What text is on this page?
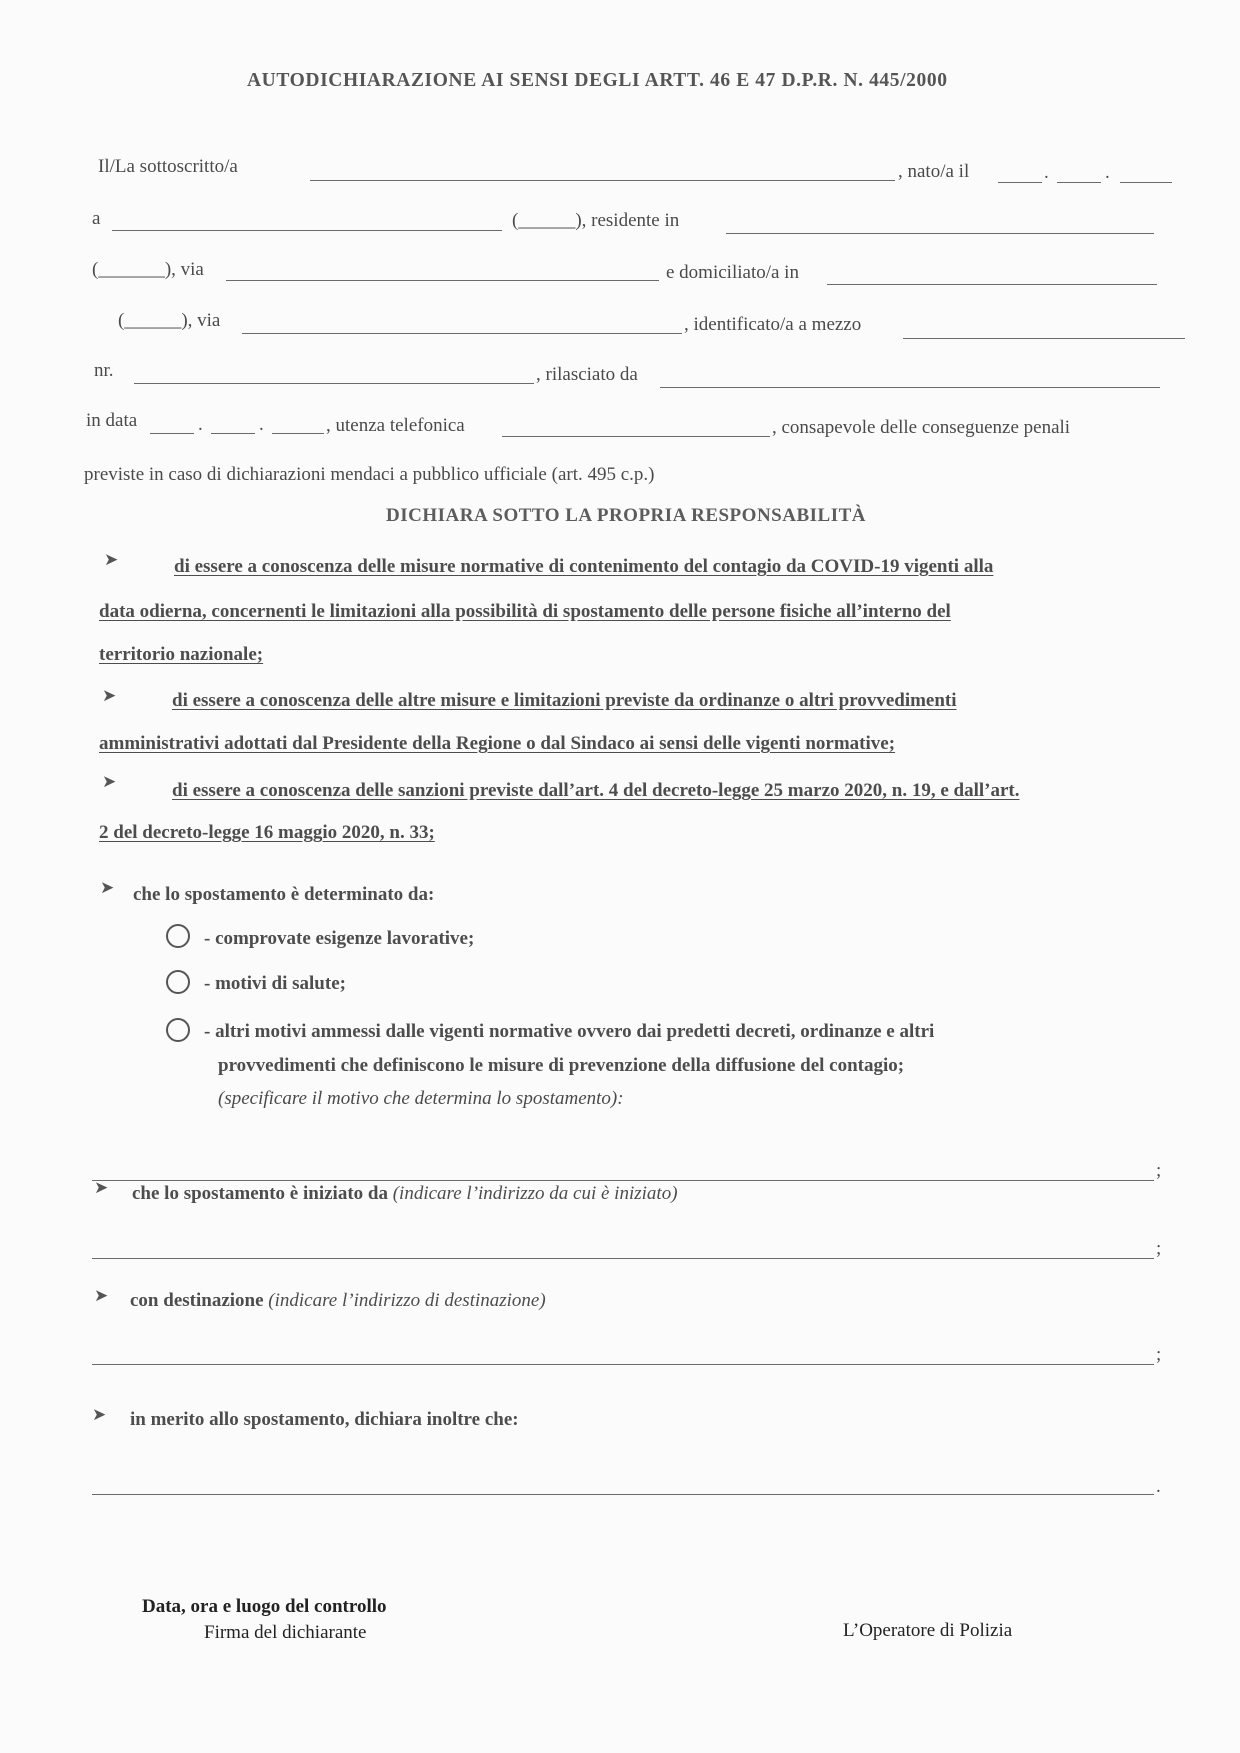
AUTODICHIARAZIONE AI SENSI DEGLI ARTT. 46 E 47 D.P.R. N. 445/2000
Il/La sottoscritto/a	, nato/a il	.	.
a	(______), residente in
(_______), via	e domiciliato/a in
(______), via	, identificato/a a mezzo
nr.	, rilasciato da
in data	.	.	, utenza telefonica	, consapevole delle conseguenze penali
previste in caso di dichiarazioni mendaci a pubblico ufficiale (art. 495 c.p.)
DICHIARA SOTTO LA PROPRIA RESPONSABILITÀ
➤	di essere a conoscenza delle misure normative di contenimento del contagio da COVID-19 vigenti alla
data odierna, concernenti le limitazioni alla possibilità di spostamento delle persone fisiche all’interno del
territorio nazionale;
➤	di essere a conoscenza delle altre misure e limitazioni previste da ordinanze o altri provvedimenti
amministrativi adottati dal Presidente della Regione o dal Sindaco ai sensi delle vigenti normative;
➤	di essere a conoscenza delle sanzioni previste dall’art. 4 del decreto-legge 25 marzo 2020, n. 19, e dall’art.
2 del decreto-legge 16 maggio 2020, n. 33;
➤ che lo spostamento è determinato da:
- comprovate esigenze lavorative;
- motivi di salute;
- altri motivi ammessi dalle vigenti normative ovvero dai predetti decreti, ordinanze e altri
provvedimenti che definiscono le misure di prevenzione della diffusione del contagio;
(specificare il motivo che determina lo spostamento):
;
➤ che lo spostamento è iniziato da (indicare l’indirizzo da cui è iniziato)
;
➤ con destinazione (indicare l’indirizzo di destinazione)
;
➤ in merito allo spostamento, dichiara inoltre che:
.
Data, ora e luogo del controllo
Firma del dichiarante	L’Operatore di Polizia
